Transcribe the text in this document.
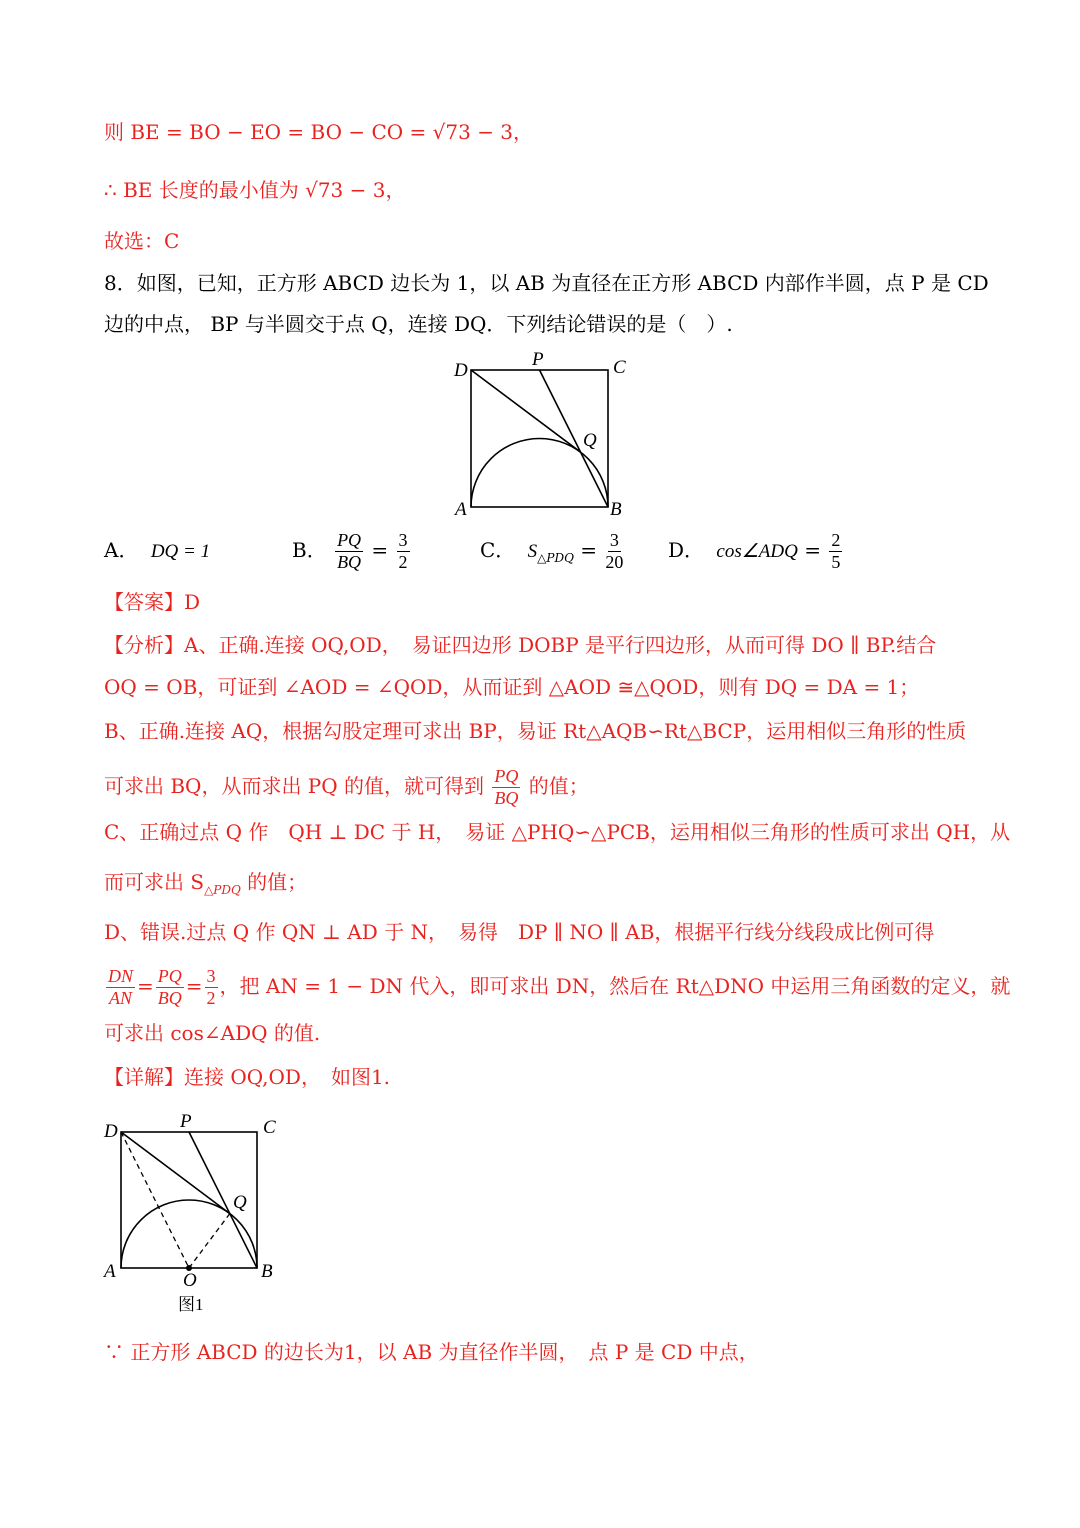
则 BE = BO − EO = BO − CO = √73 − 3，
∴ BE 长度的最小值为 √73 − 3，
故选：C
8．如图，已知，正方形 ABCD 边长为 1，以 AB 为直径在正方形 ABCD 内部作半圆，点 P 是 CD
边的中点， BP 与半圆交于点 Q，连接 DQ．下列结论错误的是（　）.
D
P	C
Q
A	B
A． DQ = 1	B． $\frac{PQ}{BQ} = \frac{3}{2}$	C． $S_{\triangle PDQ} = \frac{3}{20}$ D． cos∠ADQ = $\frac{2}{5}$
【答案】D
【分析】A、正确.连接 OQ,OD，　易证四边形 DOBP 是平行四边形，从而可得 DO ∥ BP.结合
OQ = OB，可证到 ∠AOD = ∠QOD，从而证到 △AOD ≅△QOD，则有 DQ = DA = 1；
B、正确.连接 AQ，根据勾股定理可求出 BP，易证 Rt△AQB∽Rt△BCP，运用相似三角形的性质
可求出 BQ，从而求出 PQ 的值，就可得到 $\frac{PQ}{BQ}$ 的值；
C、正确过点 Q 作　QH ⊥ DC 于 H，　易证 △PHQ∽△PCB，运用相似三角形的性质可求出 QH，从
而可求出 $S_{\triangle PDQ}$ 的值；
D、错误.过点 Q 作 QN ⊥ AD 于 N，　易得　DP ∥ NO ∥ AB，根据平行线分线段成比例可得
$\frac{DN}{AN} = \frac{PQ}{BQ} = \frac{3}{2}$ ，把 AN = 1 − DN 代入，即可求出 DN，然后在 Rt△DNO 中运用三角函数的定义，就
可求出 cos∠ADQ 的值.
【详解】连接 OQ,OD，　如图1.
D	P	C
Q
A	O	B
图1
∵ 正方形 ABCD 的边长为1，以 AB 为直径作半圆，　点 P 是 CD 中点，
